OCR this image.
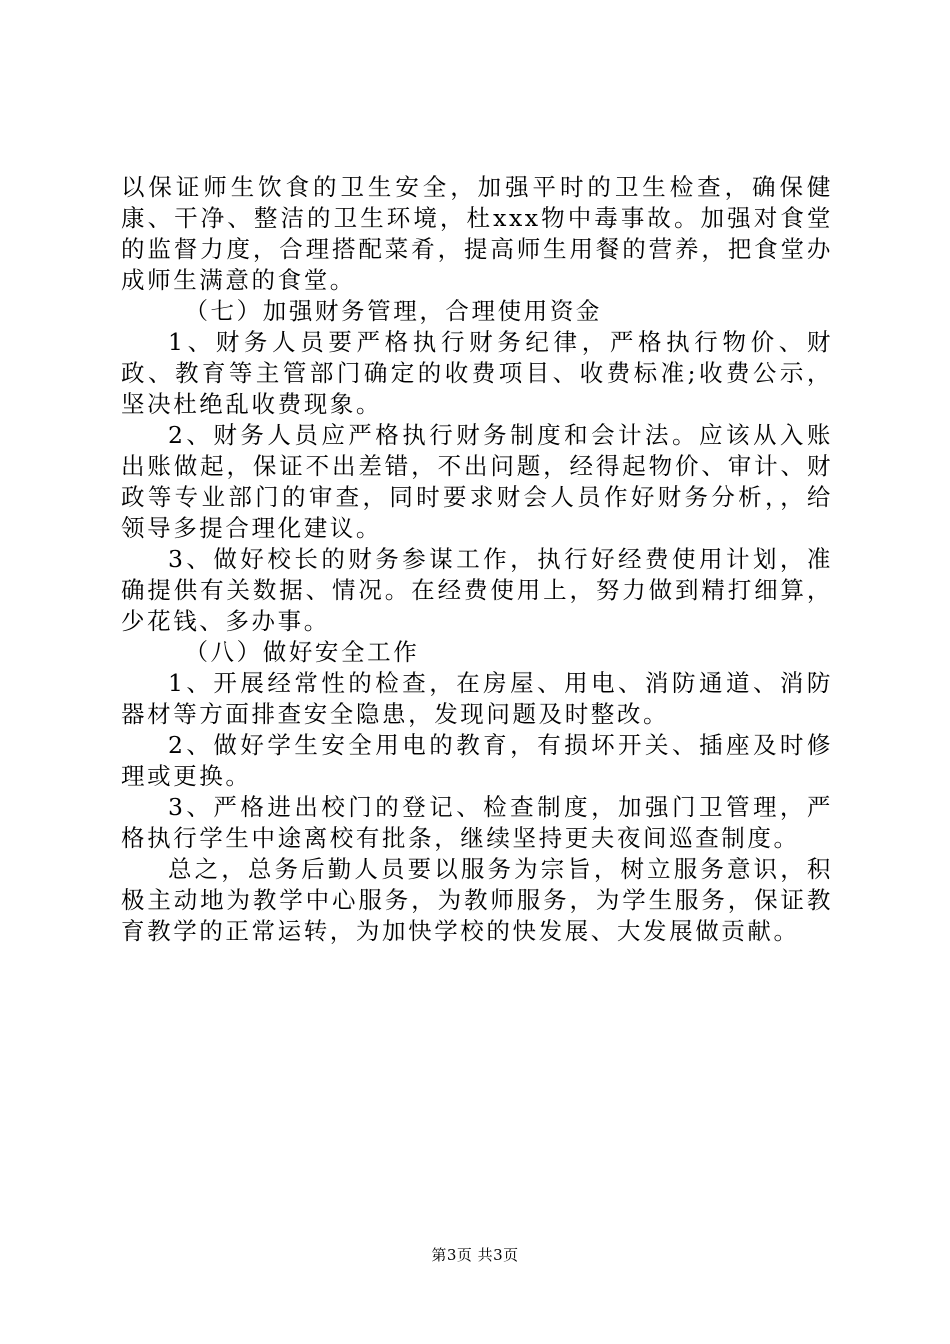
以保证师生饮食的卫生安全，加强平时的卫生检查，确保健康、干净、整洁的卫生环境，杜xxx物中毒事故。加强对食堂的监督力度，合理搭配菜肴，提高师生用餐的营养，把食堂办成师生满意的食堂。

（七）加强财务管理，合理使用资金

1、财务人员要严格执行财务纪律，严格执行物价、财政、教育等主管部门确定的收费项目、收费标准;收费公示，坚决杜绝乱收费现象。

2、财务人员应严格执行财务制度和会计法。应该从入账出账做起，保证不出差错，不出问题，经得起物价、审计、财政等专业部门的审查，同时要求财会人员作好财务分析，，给领导多提合理化建议。

3、做好校长的财务参谋工作，执行好经费使用计划，准确提供有关数据、情况。在经费使用上，努力做到精打细算，少花钱、多办事。

（八）做好安全工作

1、开展经常性的检查，在房屋、用电、消防通道、消防器材等方面排查安全隐患，发现问题及时整改。

2、做好学生安全用电的教育，有损坏开关、插座及时修理或更换。

3、严格进出校门的登记、检查制度，加强门卫管理，严格执行学生中途离校有批条，继续坚持更夫夜间巡查制度。

总之，总务后勤人员要以服务为宗旨，树立服务意识，积极主动地为教学中心服务，为教师服务，为学生服务，保证教育教学的正常运转，为加快学校的快发展、大发展做贡献。

第3页 共3页
